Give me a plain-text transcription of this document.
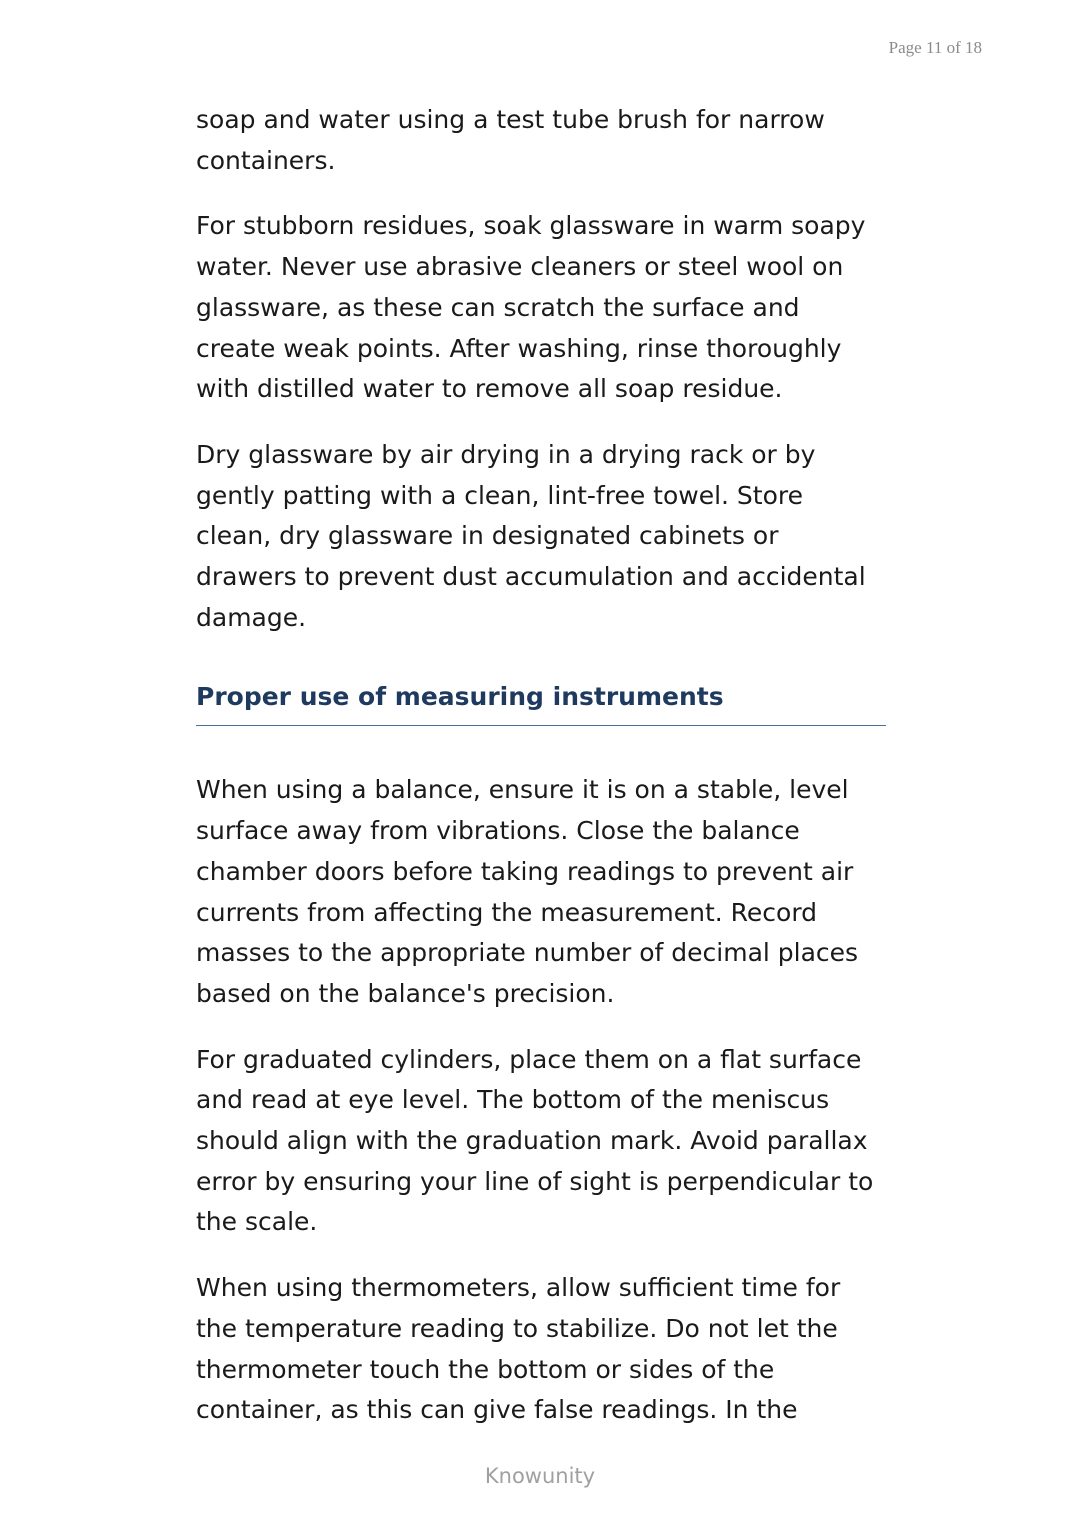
Page 11 of 18

soap and water using a test tube brush for narrow containers.

For stubborn residues, soak glassware in warm soapy water. Never use abrasive cleaners or steel wool on glassware, as these can scratch the surface and create weak points. After washing, rinse thoroughly with distilled water to remove all soap residue.

Dry glassware by air drying in a drying rack or by gently patting with a clean, lint-free towel. Store clean, dry glassware in designated cabinets or drawers to prevent dust accumulation and accidental damage.

Proper use of measuring instruments

When using a balance, ensure it is on a stable, level surface away from vibrations. Close the balance chamber doors before taking readings to prevent air currents from affecting the measurement. Record masses to the appropriate number of decimal places based on the balance's precision.

For graduated cylinders, place them on a flat surface and read at eye level. The bottom of the meniscus should align with the graduation mark. Avoid parallax error by ensuring your line of sight is perpendicular to the scale.

When using thermometers, allow sufficient time for the temperature reading to stabilize. Do not let the thermometer touch the bottom or sides of the container, as this can give false readings. In the

Knowunity
